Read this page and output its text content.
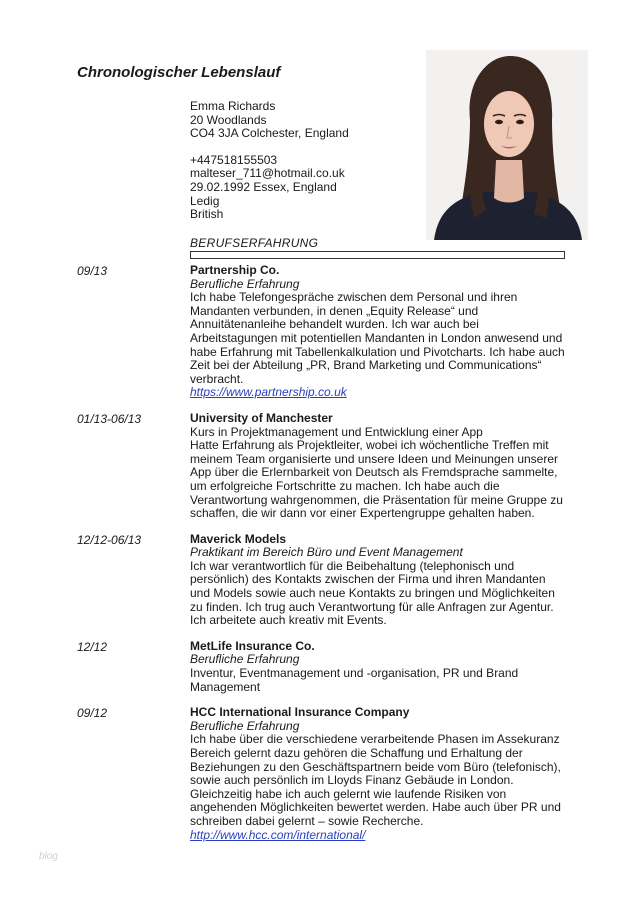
Chronologischer Lebenslauf
Emma Richards
20 Woodlands
CO4 3JA Colchester, England
+447518155503
malteser_711@hotmail.co.uk
29.02.1992 Essex, England
Ledig
British
BERUFSERFAHRUNG
09/13	Partnership Co.
Berufliche Erfahrung
Ich habe Telefongespräche zwischen dem Personal und ihren Mandanten verbunden, in denen „Equity Release“ und Annuitätenanleihe behandelt wurden. Ich war auch bei Arbeitstagungen mit potentiellen Mandanten in London anwesend und habe Erfahrung mit Tabellenkalkulation und Pivotcharts. Ich habe auch Zeit bei der Abteilung „PR, Brand Marketing und Communications“ verbracht.
https://www.partnership.co.uk
01/13-06/13	University of Manchester
Kurs in Projektmanagement und Entwicklung einer App
Hatte Erfahrung als Projektleiter, wobei ich wöchentliche Treffen mit meinem Team organisierte und unsere Ideen und Meinungen unserer App über die Erlernbarkeit von Deutsch als Fremdsprache sammelte, um erfolgreiche Fortschritte zu machen. Ich habe auch die Verantwortung wahrgenommen, die Präsentation für meine Gruppe zu schaffen, die wir dann vor einer Expertengruppe gehalten haben.
12/12-06/13	Maverick Models
Praktikant im Bereich Büro und Event Management
Ich war verantwortlich für die Beibehaltung (telephonisch und persönlich) des Kontakts zwischen der Firma und ihren Mandanten und Models sowie auch neue Kontakts zu bringen und Möglichkeiten zu finden. Ich trug auch Verantwortung für alle Anfragen zur Agentur. Ich arbeitete auch kreativ mit Events.
12/12	MetLife Insurance Co.
Berufliche Erfahrung
Inventur, Eventmanagement und -organisation, PR und Brand Management
09/12	HCC International Insurance Company
Berufliche Erfahrung
Ich habe über die verschiedene verarbeitende Phasen im Assekuranz Bereich gelernt dazu gehören die Schaffung und Erhaltung der Beziehungen zu den Geschäftspartnern beide vom Büro (telefonisch), sowie auch persönlich im Lloyds Finanz Gebäude in London. Gleichzeitig habe ich auch gelernt wie laufende Risiken von angehenden Möglichkeiten bewertet werden. Habe auch über PR und schreiben dabei gelernt – sowie Recherche.
http://www.hcc.com/international/
blog
